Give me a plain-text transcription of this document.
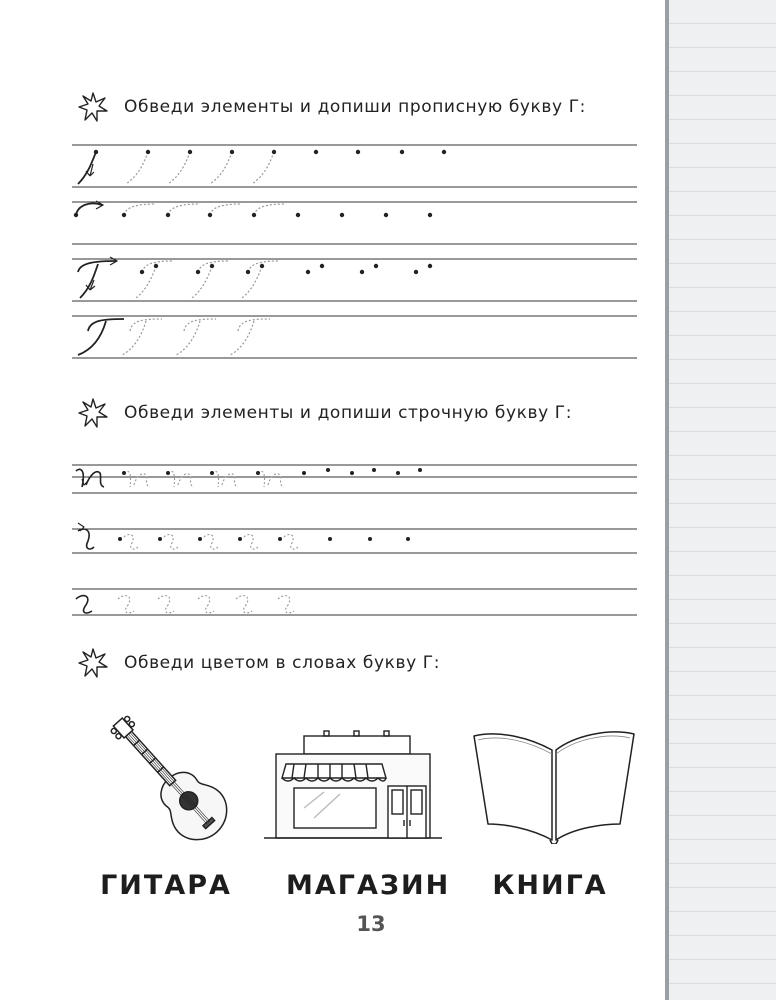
Обведи элементы и допиши прописную букву Г:
Обведи элементы и допиши строчную букву Г:
Обведи цветом в словах букву Г:
ГИТАРА МАГАЗИН КНИГА
13
